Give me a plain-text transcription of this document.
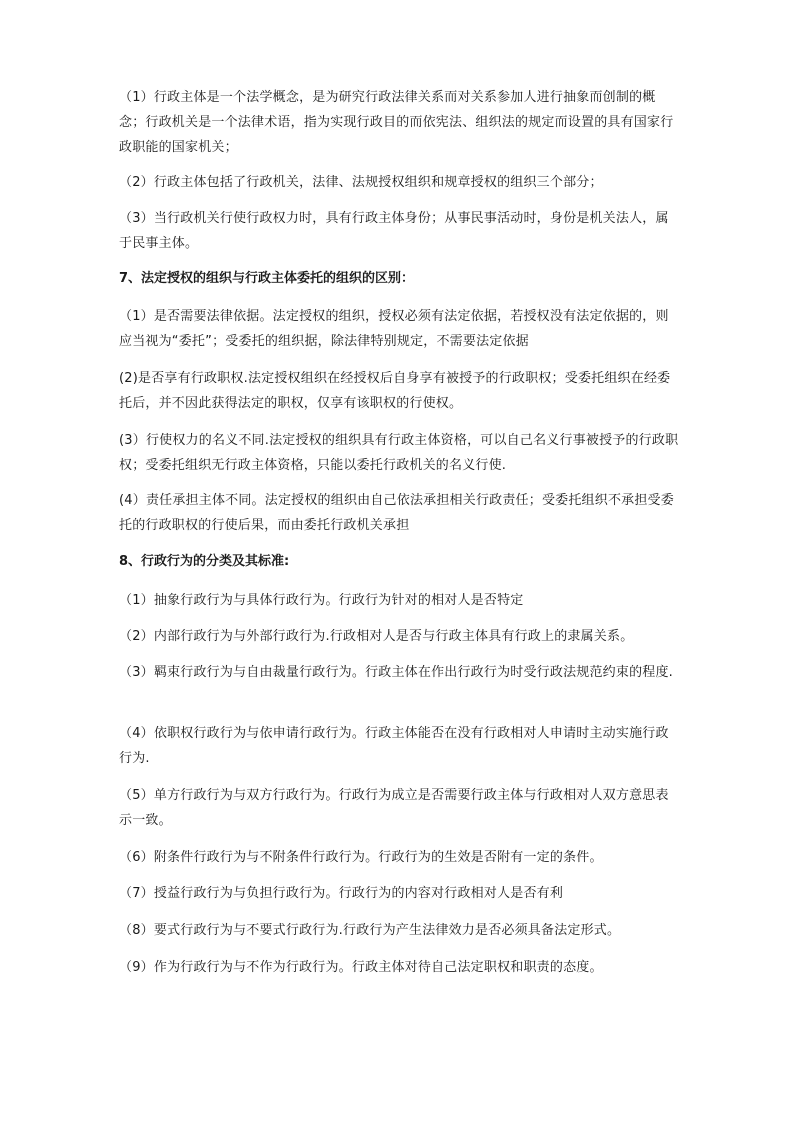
（1）行政主体是一个法学概念，是为研究行政法律关系而对关系参加人进行抽象而创制的概念；行政机关是一个法律术语，指为实现行政目的而依宪法、组织法的规定而设置的具有国家行政职能的国家机关；

（2）行政主体包括了行政机关，法律、法规授权组织和规章授权的组织三个部分；

（3）当行政机关行使行政权力时，具有行政主体身份；从事民事活动时，身份是机关法人，属于民事主体。

7、法定授权的组织与行政主体委托的组织的区别：

（1）是否需要法律依据。法定授权的组织，授权必须有法定依据，若授权没有法定依据的，则应当视为“委托”；受委托的组织据，除法律特别规定，不需要法定依据

(2)是否享有行政职权.法定授权组织在经授权后自身享有被授予的行政职权；受委托组织在经委托后，并不因此获得法定的职权，仅享有该职权的行使权。

(3）行使权力的名义不同.法定授权的组织具有行政主体资格，可以自己名义行事被授予的行政职权；受委托组织无行政主体资格，只能以委托行政机关的名义行使.

(4）责任承担主体不同。法定授权的组织由自己依法承担相关行政责任；受委托组织不承担受委托的行政职权的行使后果，而由委托行政机关承担

8、行政行为的分类及其标准:

（1）抽象行政行为与具体行政行为。行政行为针对的相对人是否特定

（2）内部行政行为与外部行政行为.行政相对人是否与行政主体具有行政上的隶属关系。

（3）羁束行政行为与自由裁量行政行为。行政主体在作出行政行为时受行政法规范约束的程度.

（4）依职权行政行为与依申请行政行为。行政主体能否在没有行政相对人申请时主动实施行政行为.

（5）单方行政行为与双方行政行为。行政行为成立是否需要行政主体与行政相对人双方意思表示一致。

（6）附条件行政行为与不附条件行政行为。行政行为的生效是否附有一定的条件。

（7）授益行政行为与负担行政行为。行政行为的内容对行政相对人是否有利

（8）要式行政行为与不要式行政行为.行政行为产生法律效力是否必须具备法定形式。

（9）作为行政行为与不作为行政行为。行政主体对待自己法定职权和职责的态度。
